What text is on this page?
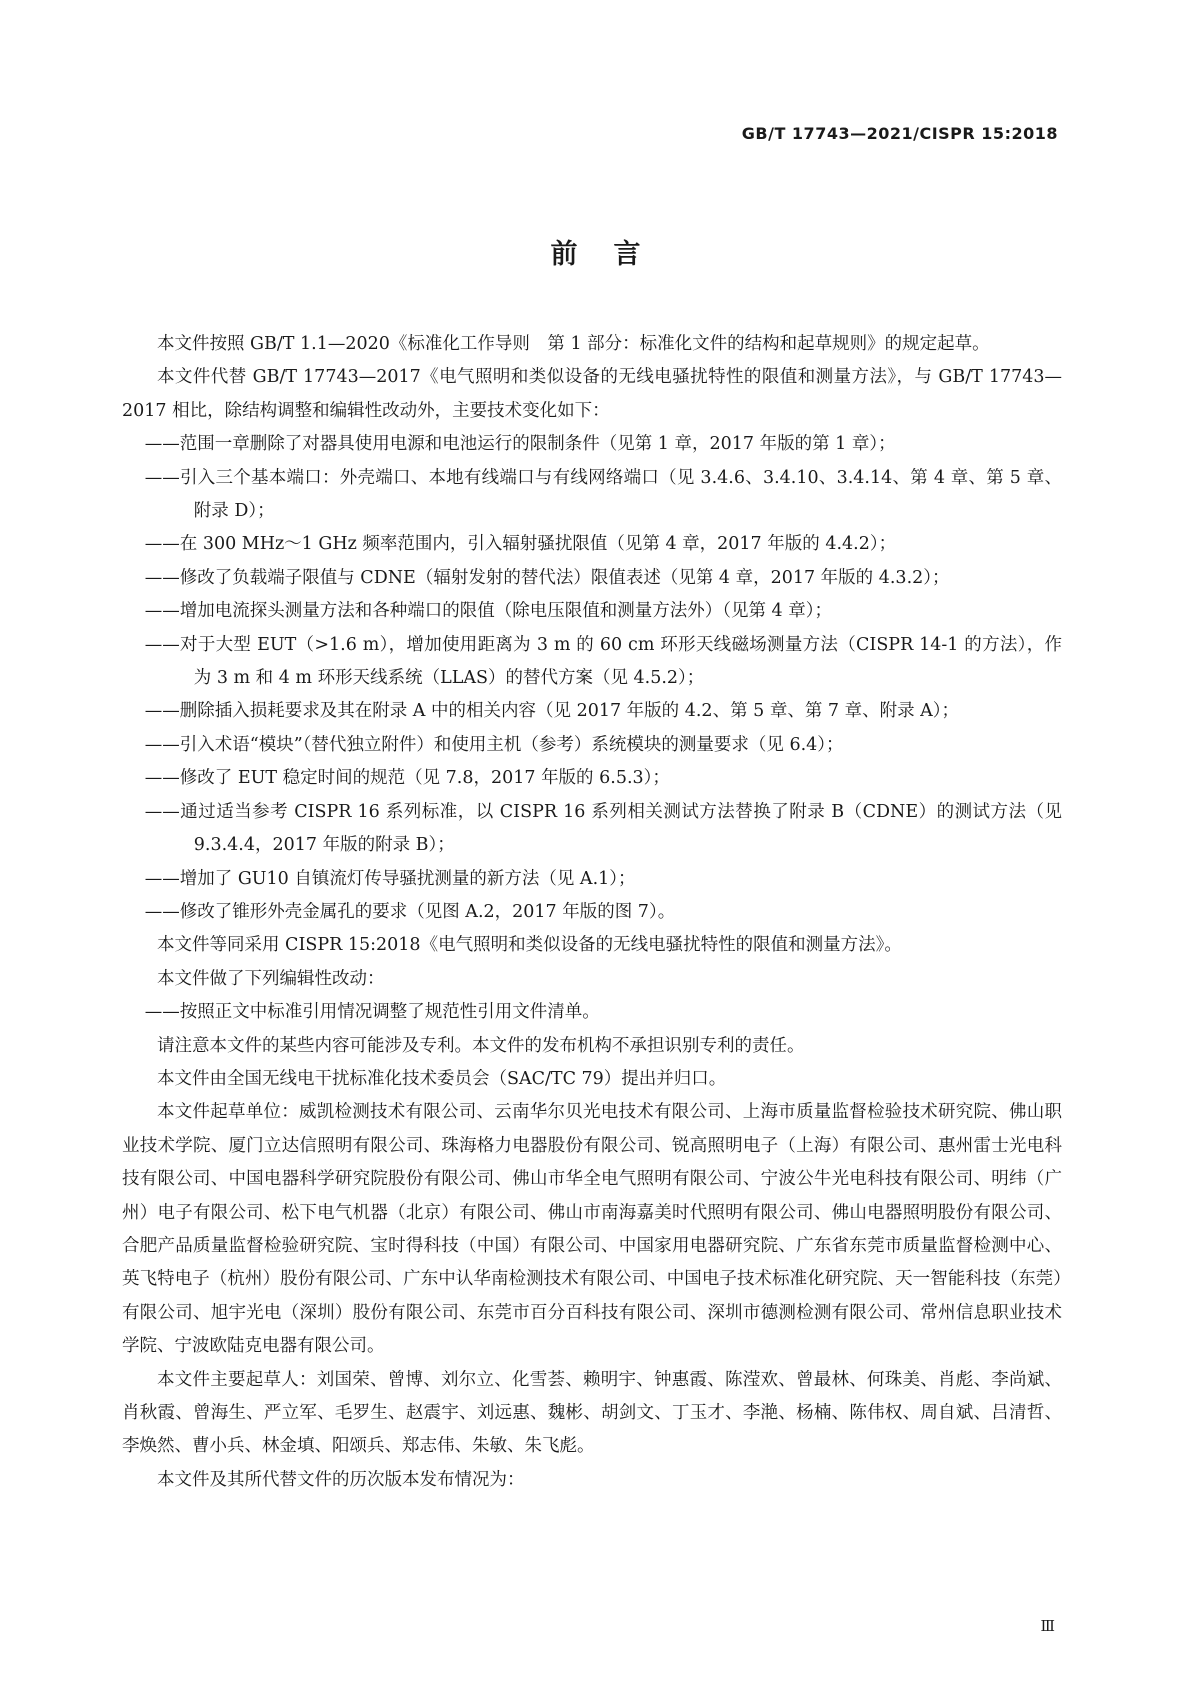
GB/T 17743—2021/CISPR 15:2018
前言

本文件按照 GB/T 1.1—2020《标准化工作导则　第 1 部分：标准化文件的结构和起草规则》的规定起草。

本文件代替 GB/T 17743—2017《电气照明和类似设备的无线电骚扰特性的限值和测量方法》，与 GB/T 17743—2017 相比，除结构调整和编辑性改动外，主要技术变化如下：

——范围一章删除了对器具使用电源和电池运行的限制条件（见第 1 章，2017 年版的第 1 章）；

——引入三个基本端口：外壳端口、本地有线端口与有线网络端口（见 3.4.6、3.4.10、3.4.14、第 4 章、第 5 章、附录 D）；

——在 300 MHz～1 GHz 频率范围内，引入辐射骚扰限值（见第 4 章，2017 年版的 4.4.2）；

——修改了负载端子限值与 CDNE（辐射发射的替代法）限值表述（见第 4 章，2017 年版的 4.3.2）；

——增加电流探头测量方法和各种端口的限值（除电压限值和测量方法外）（见第 4 章）；

——对于大型 EUT（>1.6 m），增加使用距离为 3 m 的 60 cm 环形天线磁场测量方法（CISPR 14-1 的方法），作为 3 m 和 4 m 环形天线系统（LLAS）的替代方案（见 4.5.2）；

——删除插入损耗要求及其在附录 A 中的相关内容（见 2017 年版的 4.2、第 5 章、第 7 章、附录 A）；

——引入术语“模块”（替代独立附件）和使用主机（参考）系统模块的测量要求（见 6.4）；

——修改了 EUT 稳定时间的规范（见 7.8，2017 年版的 6.5.3）；

——通过适当参考 CISPR 16 系列标准，以 CISPR 16 系列相关测试方法替换了附录 B（CDNE）的测试方法（见 9.3.4.4，2017 年版的附录 B）；

——增加了 GU10 自镇流灯传导骚扰测量的新方法（见 A.1）；

——修改了锥形外壳金属孔的要求（见图 A.2，2017 年版的图 7）。

本文件等同采用 CISPR 15:2018《电气照明和类似设备的无线电骚扰特性的限值和测量方法》。

本文件做了下列编辑性改动：

——按照正文中标准引用情况调整了规范性引用文件清单。

请注意本文件的某些内容可能涉及专利。本文件的发布机构不承担识别专利的责任。

本文件由全国无线电干扰标准化技术委员会（SAC/TC 79）提出并归口。

本文件起草单位：威凯检测技术有限公司、云南华尔贝光电技术有限公司、上海市质量监督检验技术研究院、佛山职业技术学院、厦门立达信照明有限公司、珠海格力电器股份有限公司、锐高照明电子（上海）有限公司、惠州雷士光电科技有限公司、中国电器科学研究院股份有限公司、佛山市华全电气照明有限公司、宁波公牛光电科技有限公司、明纬（广州）电子有限公司、松下电气机器（北京）有限公司、佛山市南海嘉美时代照明有限公司、佛山电器照明股份有限公司、合肥产品质量监督检验研究院、宝时得科技（中国）有限公司、中国家用电器研究院、广东省东莞市质量监督检测中心、英飞特电子（杭州）股份有限公司、广东中认华南检测技术有限公司、中国电子技术标准化研究院、天一智能科技（东莞）有限公司、旭宇光电（深圳）股份有限公司、东莞市百分百科技有限公司、深圳市德测检测有限公司、常州信息职业技术学院、宁波欧陆克电器有限公司。

本文件主要起草人：刘国荣、曾博、刘尔立、化雪荟、赖明宇、钟惠霞、陈滢欢、曾最林、何珠美、肖彪、李尚斌、肖秋霞、曾海生、严立军、毛罗生、赵震宇、刘远惠、魏彬、胡剑文、丁玉才、李滟、杨楠、陈伟权、周自斌、吕清哲、李焕然、曹小兵、林金填、阳颂兵、郑志伟、朱敏、朱飞彪。

本文件及其所代替文件的历次版本发布情况为：

Ⅲ
